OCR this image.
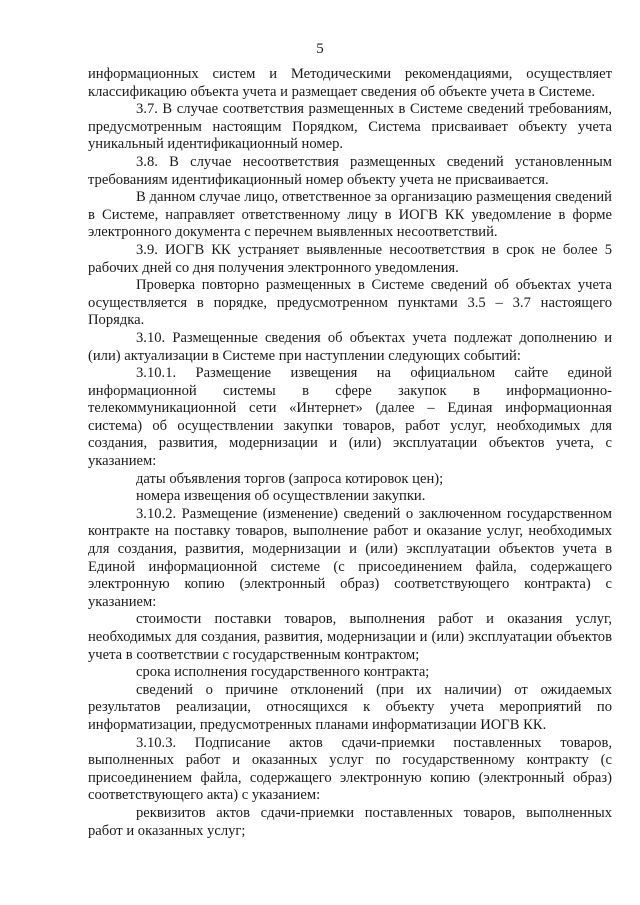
5

информационных систем и Методическими рекомендациями, осуществляет классификацию объекта учета и размещает сведения об объекте учета в Системе.

3.7. В случае соответствия размещенных в Системе сведений требованиям, предусмотренным настоящим Порядком, Система присваивает объекту учета уникальный идентификационный номер.

3.8. В случае несоответствия размещенных сведений установленным требованиям идентификационный номер объекту учета не присваивается.

В данном случае лицо, ответственное за организацию размещения сведений в Системе, направляет ответственному лицу в ИОГВ КК уведомление в форме электронного документа с перечнем выявленных несоответствий.

3.9. ИОГВ КК устраняет выявленные несоответствия в срок не более 5 рабочих дней со дня получения электронного уведомления.

Проверка повторно размещенных в Системе сведений об объектах учета осуществляется в порядке, предусмотренном пунктами 3.5 – 3.7 настоящего Порядка.

3.10. Размещенные сведения об объектах учета подлежат дополнению и (или) актуализации в Системе при наступлении следующих событий:

3.10.1. Размещение извещения на официальном сайте единой информационной системы в сфере закупок в информационно-телекоммуникационной сети «Интернет» (далее – Единая информационная система) об осуществлении закупки товаров, работ услуг, необходимых для создания, развития, модернизации и (или) эксплуатации объектов учета, с указанием:

даты объявления торгов (запроса котировок цен);

номера извещения об осуществлении закупки.

3.10.2. Размещение (изменение) сведений о заключенном государственном контракте на поставку товаров, выполнение работ и оказание услуг, необходимых для создания, развития, модернизации и (или) эксплуатации объектов учета в Единой информационной системе (с присоединением файла, содержащего электронную копию (электронный образ) соответствующего контракта) с указанием:

стоимости поставки товаров, выполнения работ и оказания услуг, необходимых для создания, развития, модернизации и (или) эксплуатации объектов учета в соответствии с государственным контрактом;

срока исполнения государственного контракта;

сведений о причине отклонений (при их наличии) от ожидаемых результатов реализации, относящихся к объекту учета мероприятий по информатизации, предусмотренных планами информатизации ИОГВ КК.

3.10.3. Подписание актов сдачи-приемки поставленных товаров, выполненных работ и оказанных услуг по государственному контракту (с присоединением файла, содержащего электронную копию (электронный образ) соответствующего акта) с указанием:

реквизитов актов сдачи-приемки поставленных товаров, выполненных работ и оказанных услуг;
